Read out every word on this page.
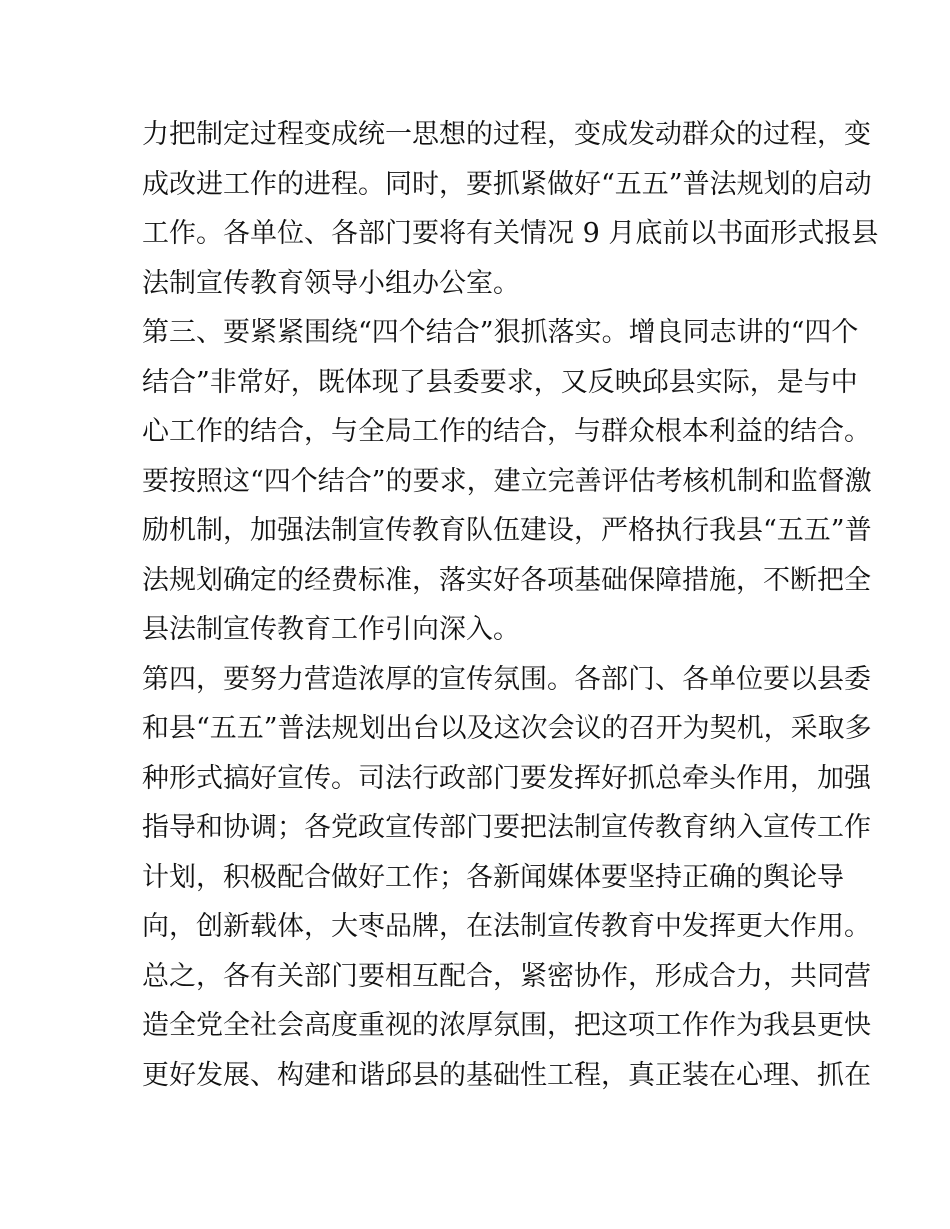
力把制定过程变成统一思想的过程，变成发动群众的过程，变
成改进工作的进程。同时，要抓紧做好“五五”普法规划的启动
工作。各单位、各部门要将有关情况 9 月底前以书面形式报县
法制宣传教育领导小组办公室。
第三、要紧紧围绕“四个结合”狠抓落实。增良同志讲的“四个
结合”非常好，既体现了县委要求，又反映邱县实际，是与中
心工作的结合，与全局工作的结合，与群众根本利益的结合。
要按照这“四个结合”的要求，建立完善评估考核机制和监督激
励机制，加强法制宣传教育队伍建设，严格执行我县“五五”普
法规划确定的经费标准，落实好各项基础保障措施，不断把全
县法制宣传教育工作引向深入。
第四，要努力营造浓厚的宣传氛围。各部门、各单位要以县委
和县“五五”普法规划出台以及这次会议的召开为契机，采取多
种形式搞好宣传。司法行政部门要发挥好抓总牵头作用，加强
指导和协调；各党政宣传部门要把法制宣传教育纳入宣传工作
计划，积极配合做好工作；各新闻媒体要坚持正确的舆论导
向，创新载体，大枣品牌，在法制宣传教育中发挥更大作用。
总之，各有关部门要相互配合，紧密协作，形成合力，共同营
造全党全社会高度重视的浓厚氛围，把这项工作作为我县更快
更好发展、构建和谐邱县的基础性工程，真正装在心理、抓在
